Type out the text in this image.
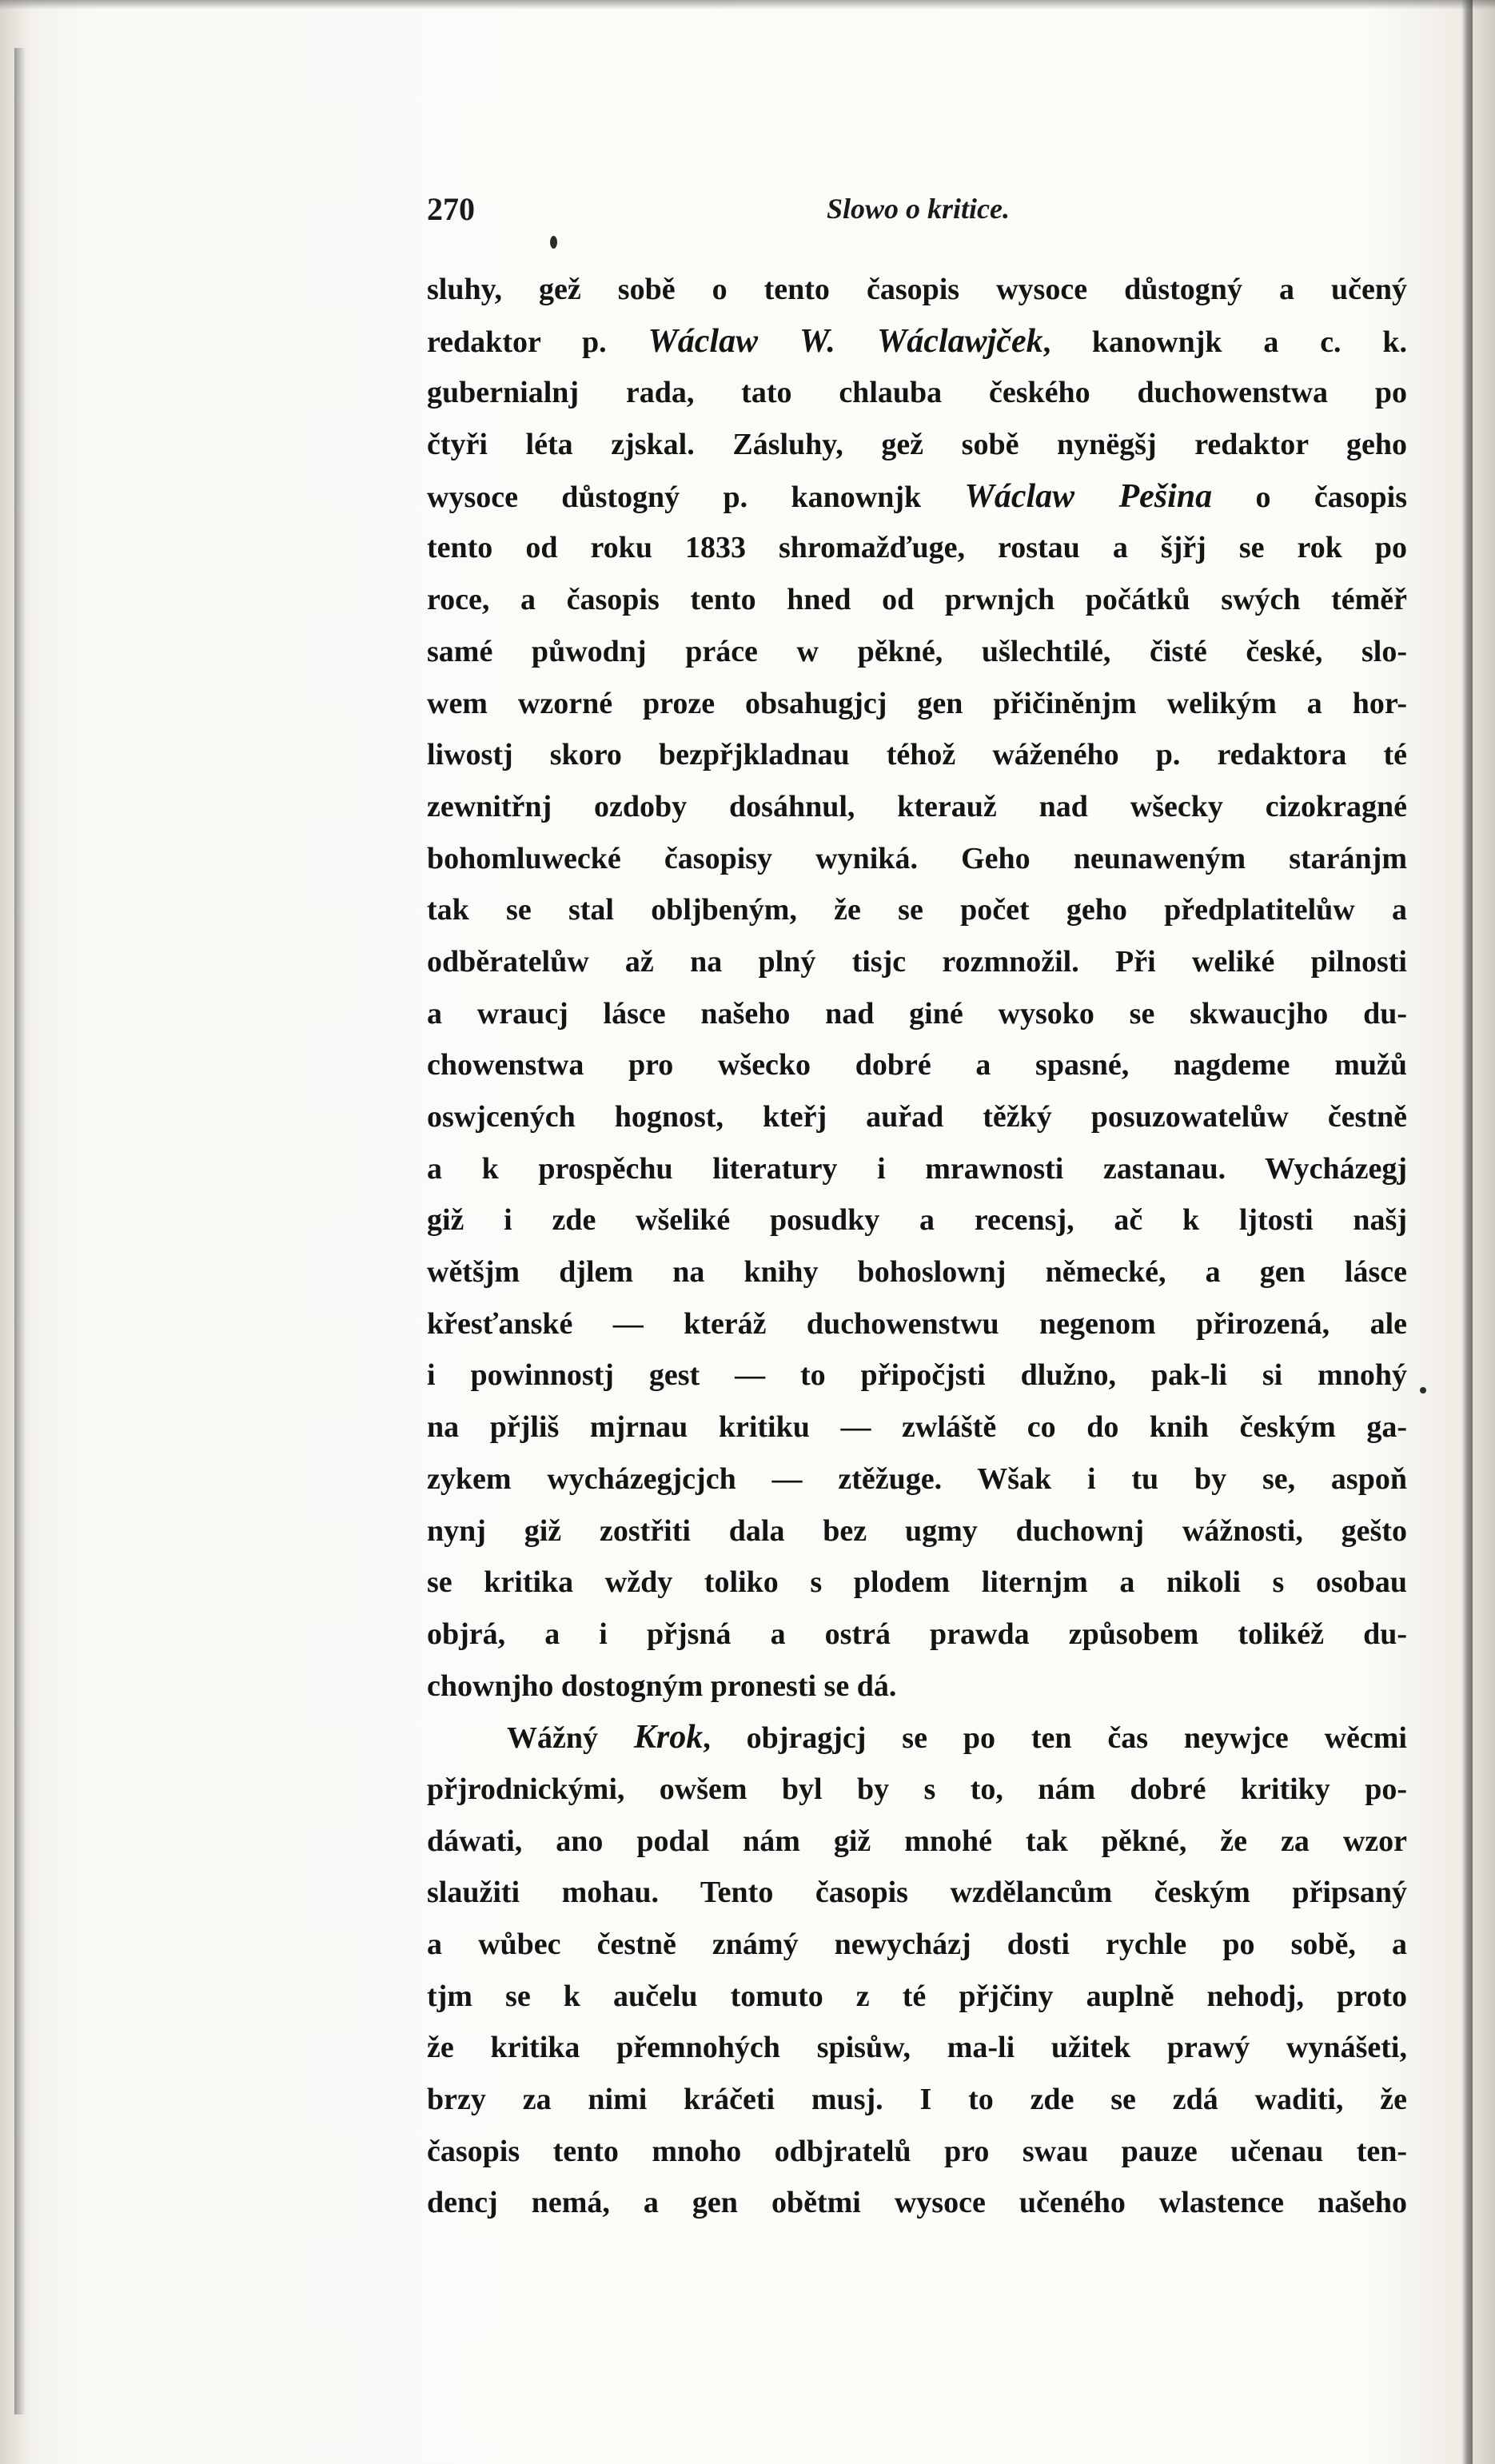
270	Slowo o kritice.
sluhy, gež sobě o tento časopis wysoce důstogný a učený
redaktor p. Wáclaw W. Wáclawjček, kanownjk a c. k.
gubernialnj rada, tato chlauba českého duchowenstwa po
čtyři léta zjskal. Zásluhy, gež sobě nynëgšj redaktor geho
wysoce důstogný p. kanownjk Wáclaw Pešina o časopis
tento od roku 1833 shromažďuge, rostau a šjřj se rok po
roce, a časopis tento hned od prwnjch počátků swých téměř
samé půwodnj práce w pěkné, ušlechtilé, čisté české, slo-
wem wzorné proze obsahugjcj gen přičiněnjm welikým a hor-
liwostj skoro bezpřjkladnau téhož wáženého p. redaktora té
zewnitřnj ozdoby dosáhnul, kterauž nad wšecky cizokragné
bohomluwecké časopisy wyniká. Geho neunaweným staránjm
tak se stal obljbeným, že se počet geho předplatitelůw a
odběratelůw až na plný tisjc rozmnožil. Při weliké pilnosti
a wraucj lásce našeho nad giné wysoko se skwaucjho du-
chowenstwa pro wšecko dobré a spasné, nagdeme mužů
oswjcených hognost, kteřj auřad těžký posuzowatelůw čestně
a k prospěchu literatury i mrawnosti zastanau. Wycházegj
giž i zde wšeliké posudky a recensj, ač k ljtosti našj
wětšjm djlem na knihy bohoslownj německé, a gen lásce
křesťanské — kteráž duchowenstwu negenom přirozená, ale
i powinnostj gest — to připočjsti dlužno, pak-li si mnohý
na přjliš mjrnau kritiku — zwláště co do knih českým ga-
zykem wycházegjcjch — ztěžuge. Wšak i tu by se, aspoň
nynj giž zostřiti dala bez ugmy duchownj wážnosti, gešto
se kritika wždy toliko s plodem liternjm a nikoli s osobau
objrá, a i přjsná a ostrá prawda způsobem tolikéž du-
chownjho dostogným pronesti se dá.
Wážný Krok, objragjcj se po ten čas neywjce wěcmi
přjrodnickými, owšem byl by s to, nám dobré kritiky po-
dáwati, ano podal nám giž mnohé tak pěkné, že za wzor
slaužiti mohau. Tento časopis wzdělancům českým připsaný
a wůbec čestně známý newycházj dosti rychle po sobě, a
tjm se k aučelu tomuto z té přjčiny auplně nehodj, proto
že kritika přemnohých spisůw, ma-li užitek prawý wynášeti,
brzy za nimi kráčeti musj. I to zde se zdá waditi, že
časopis tento mnoho odbjratelů pro swau pauze učenau ten-
dencj nemá, a gen obětmi wysoce učeného wlastence našeho
